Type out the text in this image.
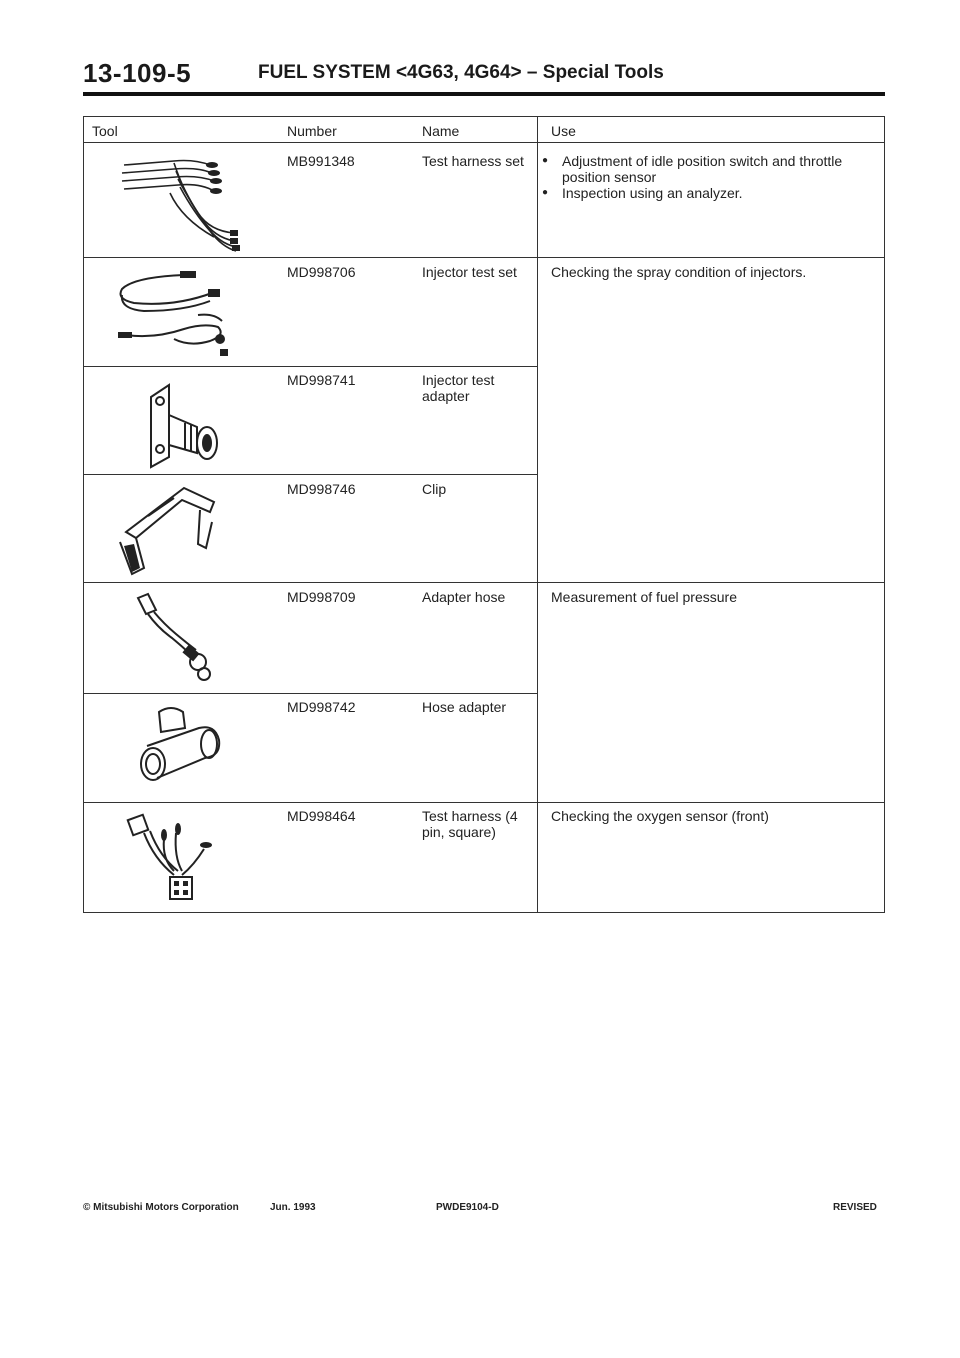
13-109-5	FUEL SYSTEM <4G63, 4G64> – Special Tools
Tool	Number	Name	Use
MB991348	Test harness set
●	Adjustment of idle position switch and throttle position sensor
● Inspection using an analyzer.
MD998706	Injector test set	Checking the spray condition of injectors.
MD998741	Injector test adapter
MD998746	Clip
MD998709	Adapter hose	Measurement of fuel pressure
MD998742	Hose adapter
MD998464	Test harness (4 pin, square)
Checking the oxygen sensor (front)
© Mitsubishi Motors Corporation	Jun. 1993	PWDE9104-D	REVISED
